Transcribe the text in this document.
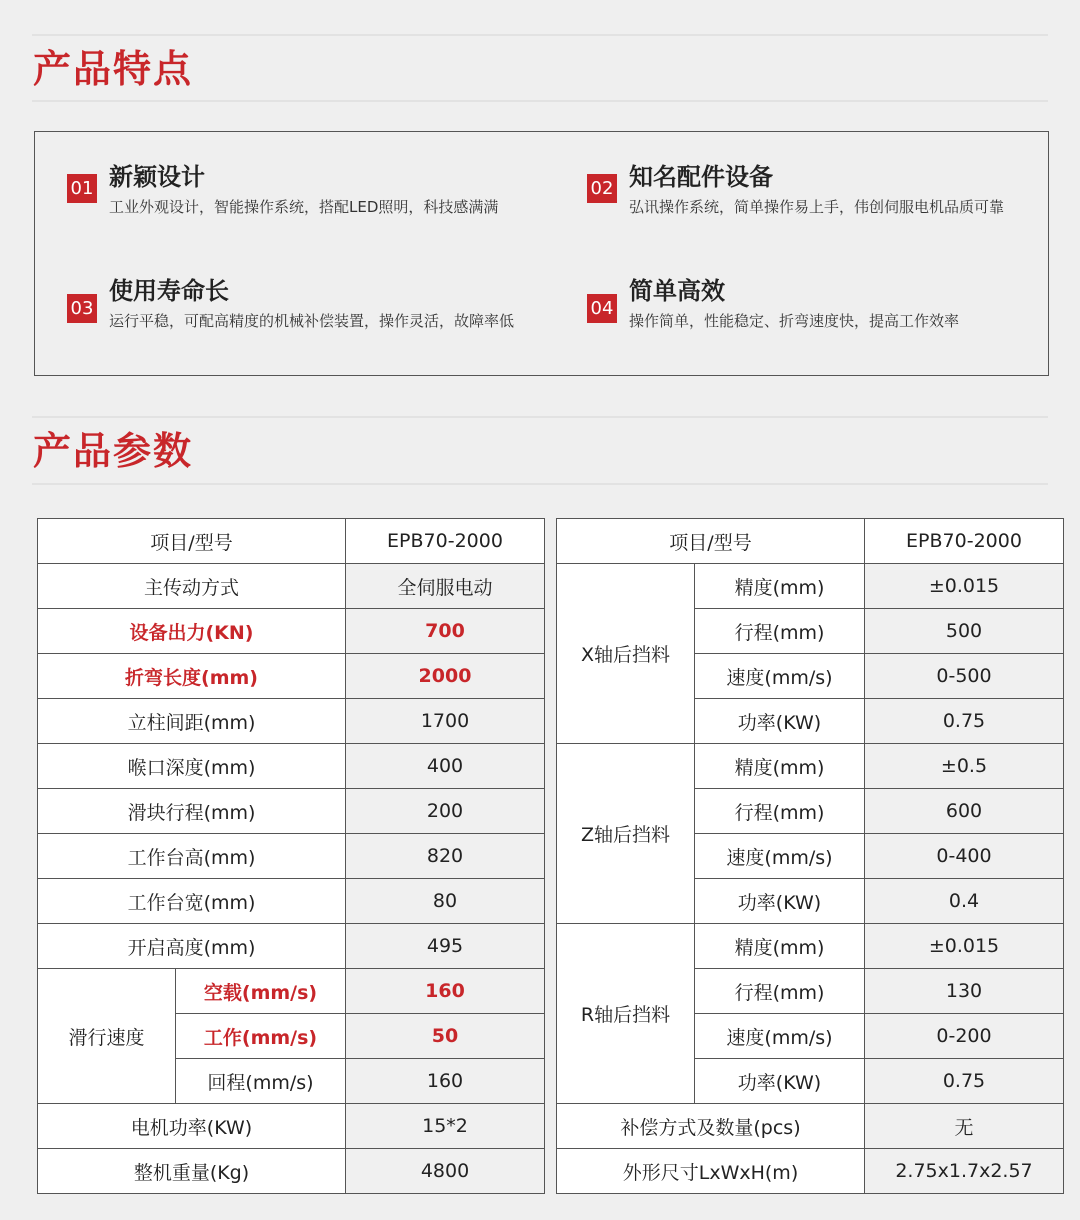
产品特点
01 新颖设计
工业外观设计，智能操作系统，搭配LED照明，科技感满满
02 知名配件设备
弘讯操作系统，简单操作易上手，伟创伺服电机品质可靠
03
使用寿命长
运行平稳，可配高精度的机械补偿装置，操作灵活，故障率低
04
简单高效
操作简单，性能稳定、折弯速度快，提高工作效率
产品参数
项目/型号		EPB70-2000
主传动方式		全伺服电动
设备出力(KN)		700
折弯长度(mm)		2000
立柱间距(mm)		1700
喉口深度(mm)		400
滑块行程(mm)		200
工作台高(mm)		820
工作台宽(mm)		80
开启高度(mm)		495
滑行速度	空载(mm/s)	160
	工作(mm/s)	50
	回程(mm/s)	160
电机功率(KW)		15*2
整机重量(Kg)		4800
项目/型号		EPB70-2000
X轴后挡料	精度(mm)	±0.015
	行程(mm)	500
	速度(mm/s)	0-500
	功率(KW)	0.75
Z轴后挡料	精度(mm)	±0.5
	行程(mm)	600
	速度(mm/s)	0-400
	功率(KW)	0.4
R轴后挡料	精度(mm)	±0.015
	行程(mm)	130
	速度(mm/s)	0-200
	功率(KW)	0.75
补偿方式及数量(pcs)		无
外形尺寸LxWxH(m)		2.75x1.7x2.57
